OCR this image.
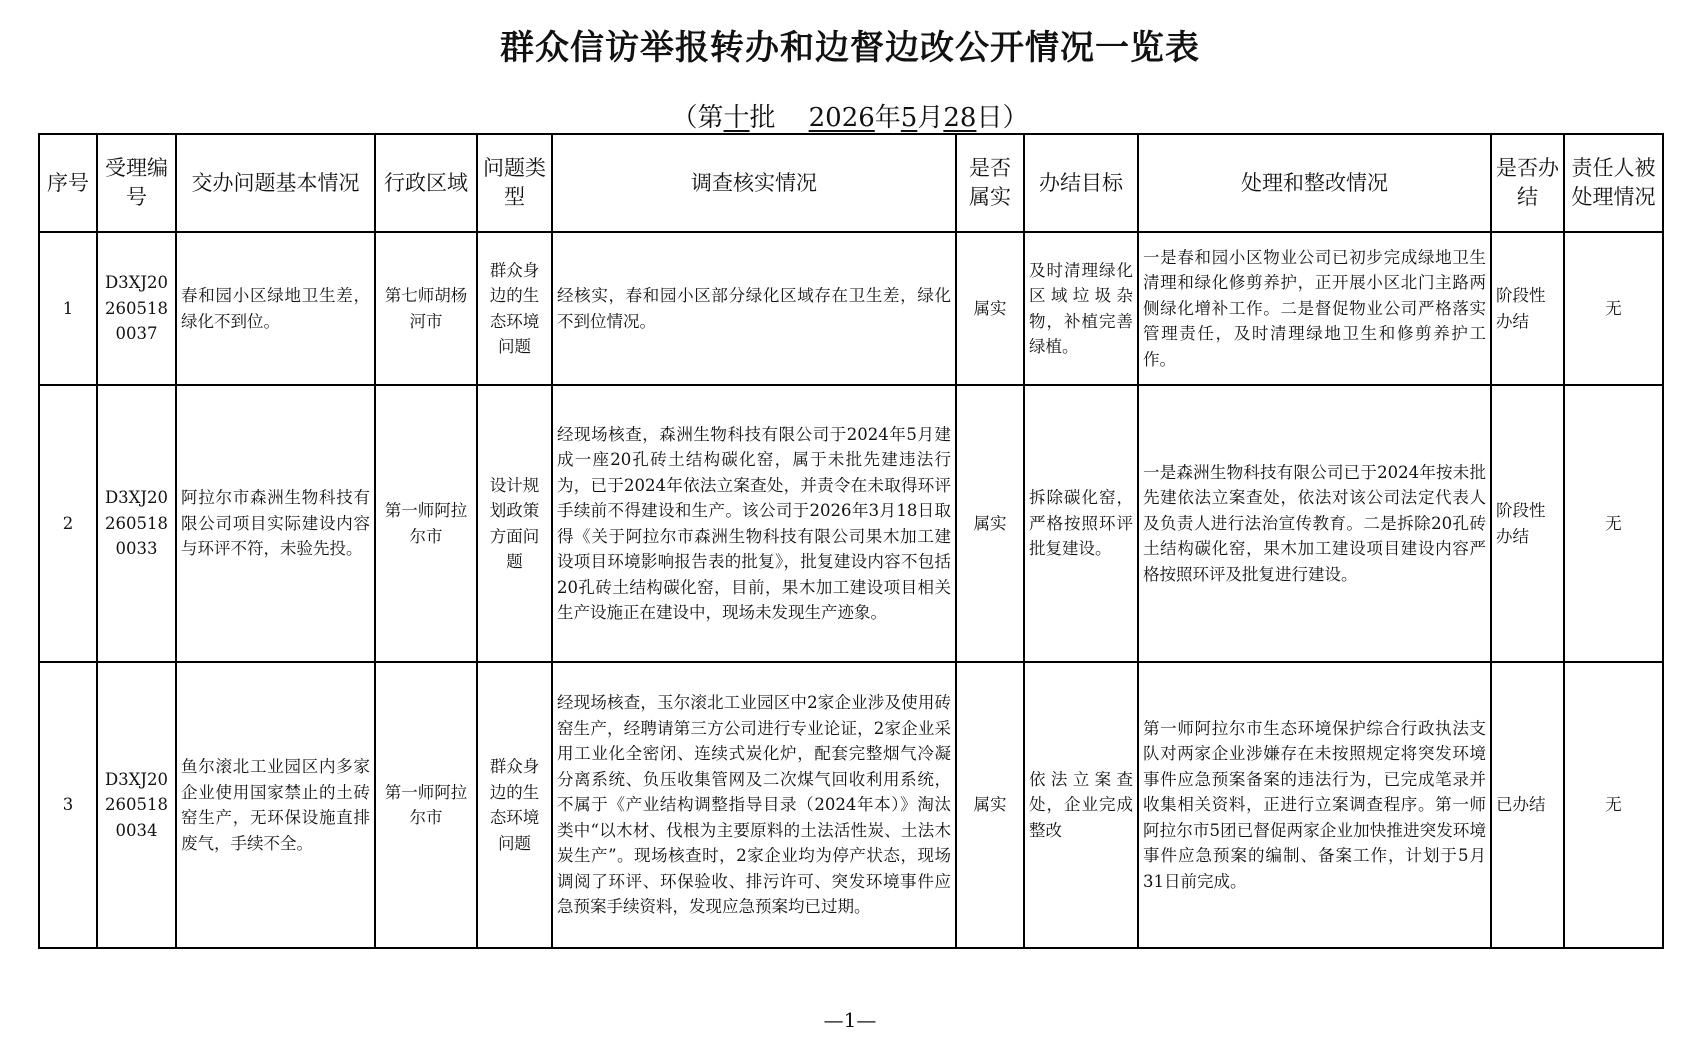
群众信访举报转办和边督边改公开情况一览表
（第十批 2026年5月28日）
序号	受理编号	交办问题基本情况	行政区域	问题类型	调查核实情况	是否属实	办结目标	处理和整改情况	是否办结	责任人被处理情况
1	D3XJ202605180037	春和园小区绿地卫生差，绿化不到位。	第七师胡杨河市	群众身边的生态环境问题	经核实，春和园小区部分绿化区域存在卫生差，绿化不到位情况。	属实	及时清理绿化区域垃圾杂物，补植完善绿植。	一是春和园小区物业公司已初步完成绿地卫生清理和绿化修剪养护，正开展小区北门主路两侧绿化增补工作。二是督促物业公司严格落实管理责任，及时清理绿地卫生和修剪养护工作。	阶段性办结	无
2	D3XJ202605180033	阿拉尔市森洲生物科技有限公司项目实际建设内容与环评不符，未验先投。	第一师阿拉尔市	设计规划政策方面问题	经现场核查，森洲生物科技有限公司于2024年5月建成一座20孔砖土结构碳化窑，属于未批先建违法行为，已于2024年依法立案查处，并责令在未取得环评手续前不得建设和生产。该公司于2026年3月18日取得《关于阿拉尔市森洲生物科技有限公司果木加工建设项目环境影响报告表的批复》，批复建设内容不包括20孔砖土结构碳化窑，目前，果木加工建设项目相关生产设施正在建设中，现场未发现生产迹象。	属实	拆除碳化窑，严格按照环评批复建设。	一是森洲生物科技有限公司已于2024年按未批先建依法立案查处，依法对该公司法定代表人及负责人进行法治宣传教育。二是拆除20孔砖土结构碳化窑，果木加工建设项目建设内容严格按照环评及批复进行建设。	阶段性办结	无
3	D3XJ202605180034	鱼尔滚北工业园区内多家企业使用国家禁止的土砖窑生产，无环保设施直排废气，手续不全。	第一师阿拉尔市	群众身边的生态环境问题	经现场核查，玉尔滚北工业园区中2家企业涉及使用砖窑生产，经聘请第三方公司进行专业论证，2家企业采用工业化全密闭、连续式炭化炉，配套完整烟气冷凝分离系统、负压收集管网及二次煤气回收利用系统，不属于《产业结构调整指导目录（2024年本）》淘汰类中“以木材、伐根为主要原料的土法活性炭、土法木炭生产”。现场核查时，2家企业均为停产状态，现场调阅了环评、环保验收、排污许可、突发环境事件应急预案手续资料，发现应急预案均已过期。	属实	依法立案查处，企业完成整改	第一师阿拉尔市生态环境保护综合行政执法支队对两家企业涉嫌存在未按照规定将突发环境事件应急预案备案的违法行为，已完成笔录并收集相关资料，正进行立案调查程序。第一师阿拉尔市5团已督促两家企业加快推进突发环境事件应急预案的编制、备案工作，计划于5月31日前完成。	已办结	无
—1—
